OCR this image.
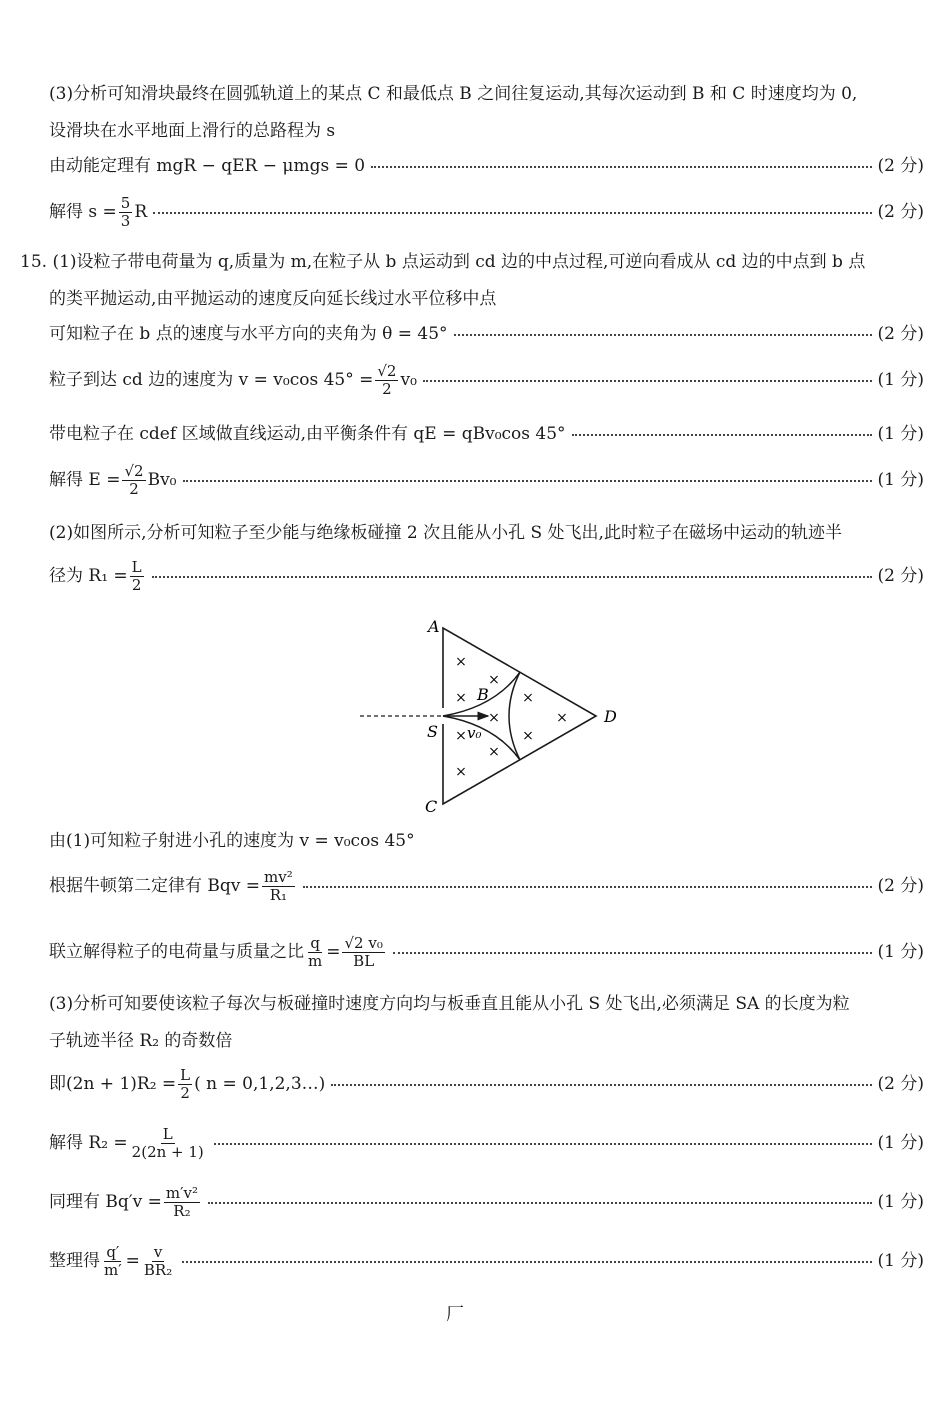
(3)分析可知滑块最终在圆弧轨道上的某点 C 和最低点 B 之间往复运动,其每次运动到 B 和 C 时速度均为 0,
设滑块在水平地面上滑行的总路程为 s
由动能定理有 mgR − qER − μmgs = 0	(2 分)
解得 $s = \frac{5}{3}$ R	(2 分)
15. (1)设粒子带电荷量为 q,质量为 m,在粒子从 b 点运动到 cd 边的中点过程,可逆向看成从 cd 边的中点到 b 点
的类平抛运动,由平抛运动的速度反向延长线过水平位移中点
可知粒子在 b 点的速度与水平方向的夹角为 θ = 45°	(2 分)
粒子到达 cd 边的速度为 v = v₀cos $45^\circ = \frac{√2}{2} v_0$	(1 分)
带电粒子在 cdef 区域做直线运动,由平衡条件有 qE = qBv₀cos 45°	(1 分)
解得 $E = \frac{√2}{2} Bv_0$	(1 分)
(2)如图所示,分析可知粒子至少能与绝缘板碰撞 2 次且能从小孔 S 处飞出,此时粒子在磁场中运动的轨迹半
径为 $R_1 = \frac{L}{2}$	(2 分)
×
×
×	×
×	×
×	×
×
×
A
B
S v₀
C
D
由(1)可知粒子射进小孔的速度为 v = v₀cos 45°
根据牛顿第二定律有 Bqv = $\frac{\text{mv²}}{\text{R₁}}$	(2 分)
联立解得粒子的电荷量与质量之比 $\frac{q}{m} = \frac{\text{√2 v₀}}{BL}$	(1 分)
(3)分析可知要使该粒子每次与板碰撞时速度方向均与板垂直且能从小孔 S 处飞出,必须满足 SA 的长度为粒
子轨迹半径 R₂ 的奇数倍
即$(2n + 1)R_2 = \frac{L}{2}$ ( n = 0,1,2,3…)	(2 分)
解得 $R_2 = \frac{L}{2(2n + 1)}$	(1 分)
同理有 $Bq'v = \frac{\text{m′v²}}{\text{R₂}}$	(1 分)
整理得 $\frac{q'}{m'} = \frac{v}{\text{BR₂}}$	(1 分)
厂
